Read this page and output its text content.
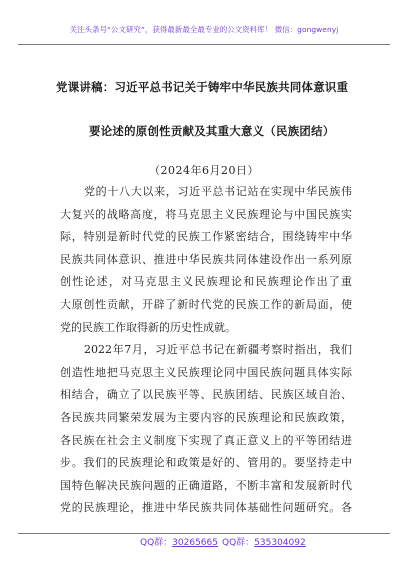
关注头条号“公文研究”，获得最新最全最专业的公文资料库！ 微信：gongwenyj
党课讲稿：习近平总书记关于铸牢中华民族共同体意识重
要论述的原创性贡献及其重大意义（民族团结）
（2024年6月20日）
党的十八大以来，习近平总书记站在实现中华民族伟
大复兴的战略高度，将马克思主义民族理论与中国民族实
际，特别是新时代党的民族工作紧密结合，围绕铸牢中华
民族共同体意识、推进中华民族共同体建设作出一系列原
创性论述，对马克思主义民族理论和民族理论作出了重
大原创性贡献，开辟了新时代党的民族工作的新局面，使
党的民族工作取得新的历史性成就。
2022年7月，习近平总书记在新疆考察时指出，我们
创造性地把马克思主义民族理论同中国民族问题具体实际
相结合，确立了以民族平等、民族团结、民族区域自治、
各民族共同繁荣发展为主要内容的民族理论和民族政策，
各民族在社会主义制度下实现了真正意义上的平等团结进
步。我们的民族理论和政策是好的、管用的。要坚持走中
国特色解决民族问题的正确道路，不断丰富和发展新时代
党的民族理论，推进中华民族共同体基础性问题研究。各
QQ群：30265665 QQ群：535304092
